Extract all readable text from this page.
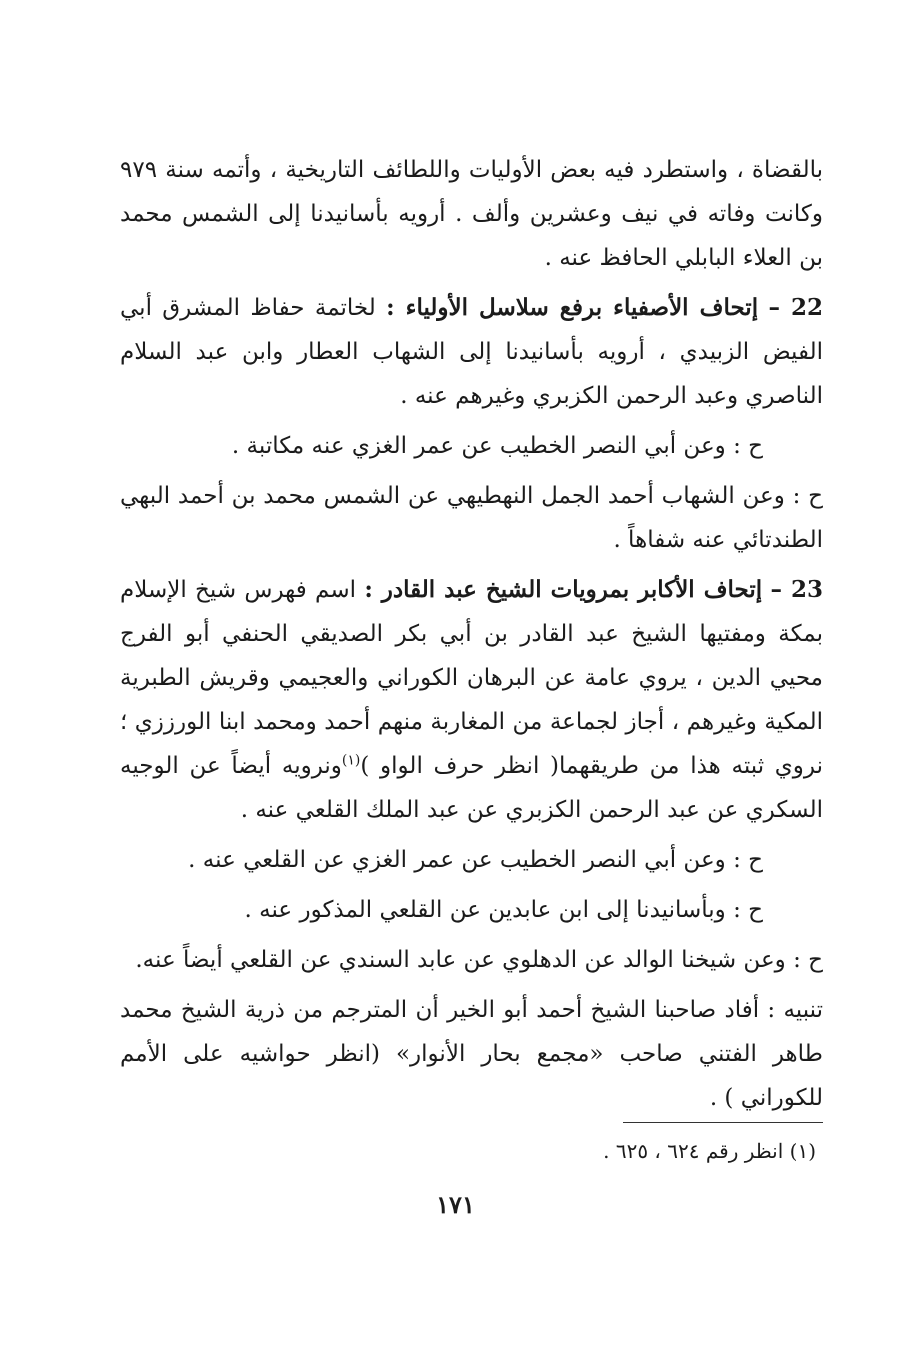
بالقضاة ، واستطرد فيه بعض الأوليات واللطائف التاريخية ، وأتمه سنة ٩٧٩ وكانت وفاته في نيف وعشرين وألف . أرويه بأسانيدنا إلى الشمس محمد بن العلاء البابلي الحافظ عنه .

22 – إتحاف الأصفياء برفع سلاسل الأولياء : لخاتمة حفاظ المشرق أبي الفيض الزبيدي ، أرويه بأسانيدنا إلى الشهاب العطار وابن عبد السلام الناصري وعبد الرحمن الكزبري وغيرهم عنه .

ح : وعن أبي النصر الخطيب عن عمر الغزي عنه مكاتبة .

ح : وعن الشهاب أحمد الجمل النهطيهي عن الشمس محمد بن أحمد البهي الطندتائي عنه شفاهاً .

23 – إتحاف الأكابر بمرويات الشيخ عبد القادر : اسم فهرس شيخ الإسلام بمكة ومفتيها الشيخ عبد القادر بن أبي بكر الصديقي الحنفي أبو الفرج محيي الدين ، يروي عامة عن البرهان الكوراني والعجيمي وقريش الطبرية المكية وغيرهم ، أجاز لجماعة من المغاربة منهم أحمد ومحمد ابنا الورززي ؛ نروي ثبته هذا من طريقهما( انظر حرف الواو )$^{(١)}$ونرويه أيضاً عن الوجيه السكري عن عبد الرحمن الكزبري عن عبد الملك القلعي عنه .

ح : وعن أبي النصر الخطيب عن عمر الغزي عن القلعي عنه .

ح : وبأسانيدنا إلى ابن عابدين عن القلعي المذكور عنه .

ح : وعن شيخنا الوالد عن الدهلوي عن عابد السندي عن القلعي أيضاً عنه.

تنبيه : أفاد صاحبنا الشيخ أحمد أبو الخير أن المترجم من ذرية الشيخ محمد طاهر الفتني صاحب «مجمع بحار الأنوار» (انظر حواشيه على الأمم للكوراني ) .

(١) انظر رقم ٦٢٤ ، ٦٢٥ .
١٧١
